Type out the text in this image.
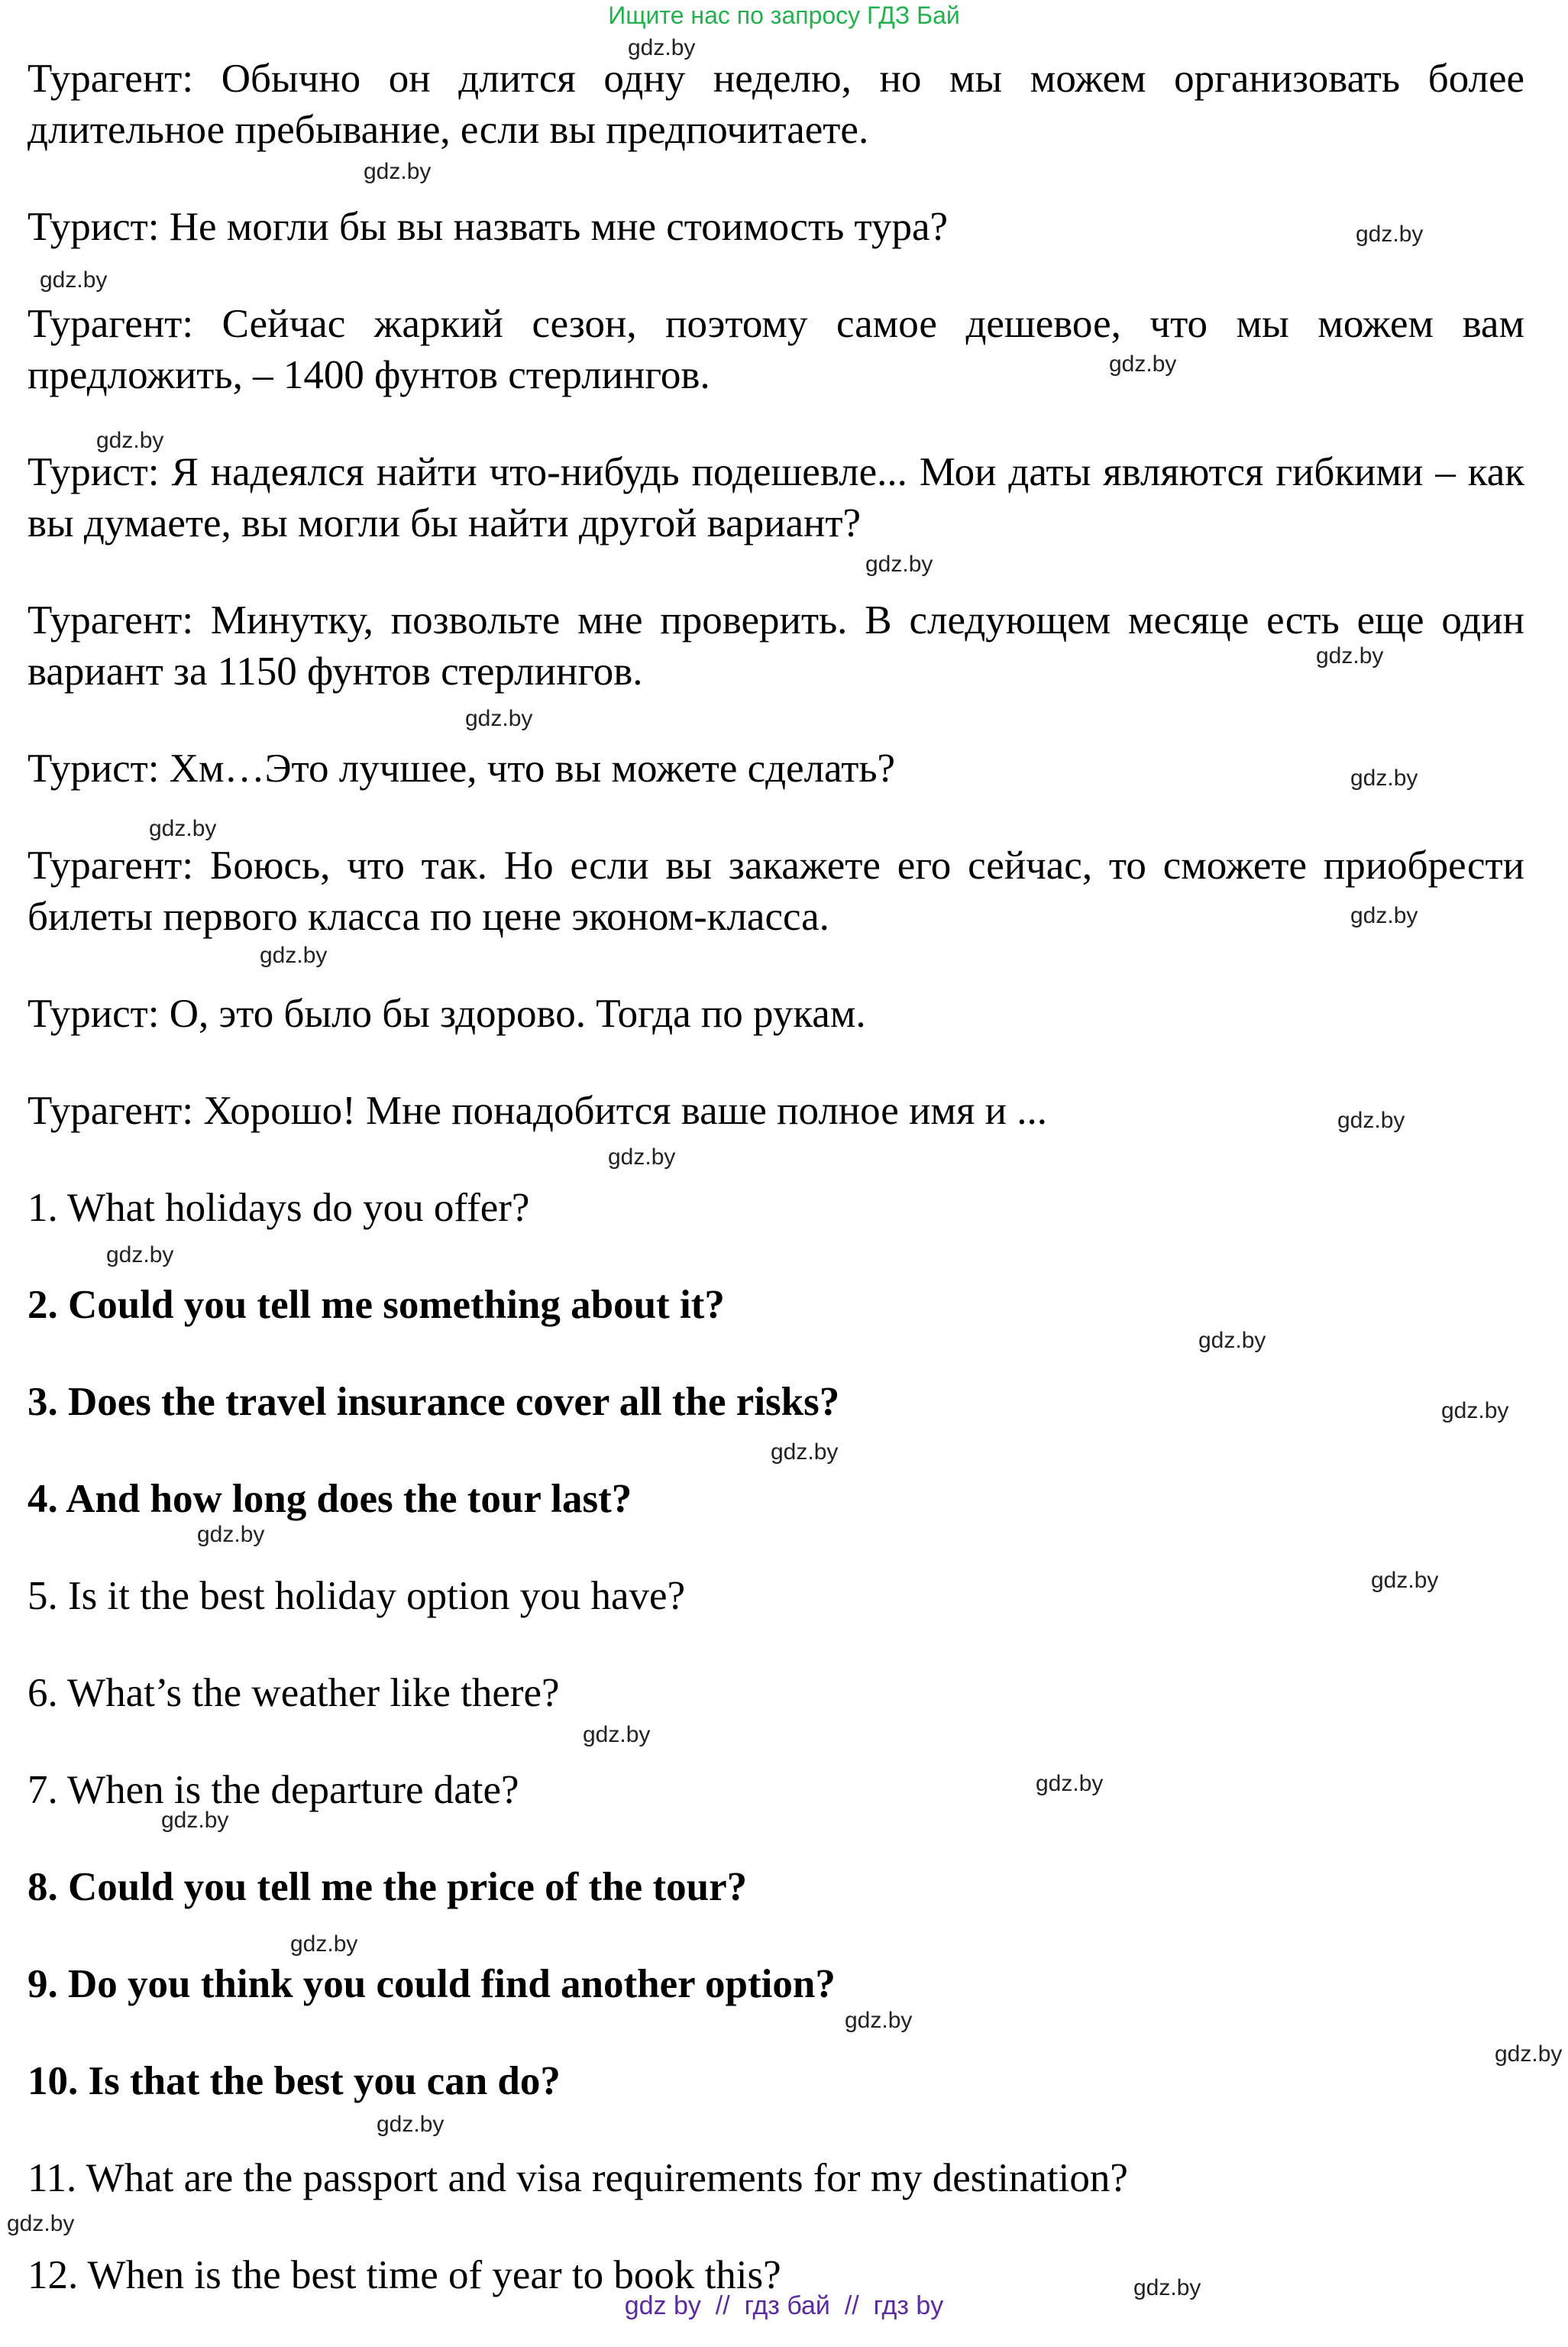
Ищите нас по запросу ГДЗ Бай

Турагент: Обычно он длится одну неделю, но мы можем организовать более длительное пребывание, если вы предпочитаете.

Турист: Не могли бы вы назвать мне стоимость тура?

Турагент: Сейчас жаркий сезон, поэтому самое дешевое, что мы можем вам предложить, – 1400 фунтов стерлингов.

Турист: Я надеялся найти что-нибудь подешевле... Мои даты являются гибкими – как вы думаете, вы могли бы найти другой вариант?

Турагент: Минутку, позвольте мне проверить. В следующем месяце есть еще один вариант за 1150 фунтов стерлингов.

Турист: Хм…Это лучшее, что вы можете сделать?

Турагент: Боюсь, что так. Но если вы закажете его сейчас, то сможете приобрести билеты первого класса по цене эконом-класса.

Турист: О, это было бы здорово. Тогда по рукам.

Турагент: Хорошо! Мне понадобится ваше полное имя и ...

1. What holidays do you offer?

2. Could you tell me something about it?

3. Does the travel insurance cover all the risks?

4. And how long does the tour last?

5. Is it the best holiday option you have?

6. What’s the weather like there?

7. When is the departure date?

8. Could you tell me the price of the tour?

9. Do you think you could find another option?

10. Is that the best you can do?

11. What are the passport and visa requirements for my destination?

12. When is the best time of year to book this?

gdz.by
gdz.by
gdz.by
gdz.by
gdz.by
gdz.by
gdz.by
gdz.by
gdz.by
gdz.by
gdz.by
gdz.by
gdz.by
gdz.by
gdz.by
gdz.by
gdz.by
gdz.by
gdz.by
gdz.by
gdz.by
gdz.by
gdz.by
gdz.by
gdz.by
gdz.by
gdz.by
gdz.by
gdz.by
gdz.by
gdz by  //  гдз бай  //  гдз by
